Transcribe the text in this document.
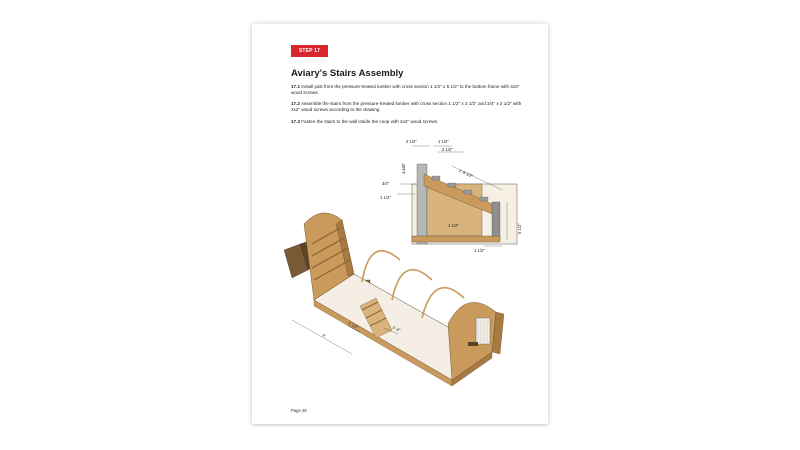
STEP 17
Aviary's Stairs Assembly
17.1 Install joist from the pressure-treated lumber with cross section 1 1/2" x 5 1/2" to the bottom frame with 4x3" wood screws.
17.2 Assemble the stairs from the pressure-treated lumber with cross section 1 1/2" x 2 1/2" and 3/4" x 2 1/2" with 2x2" wood screws according to the drawing.
17.3 Fasten the stairs to the wall inside the coop with 2x2" wood screws.
2 1/2"	1 1/2"
2 1/2"
1 1/2"
3/4"
1 1/2"
1'-8 1/2"
1 1/2"	5 1/2"
1 1/2"
4'
1 1/2"	1'-3"
Page 29
